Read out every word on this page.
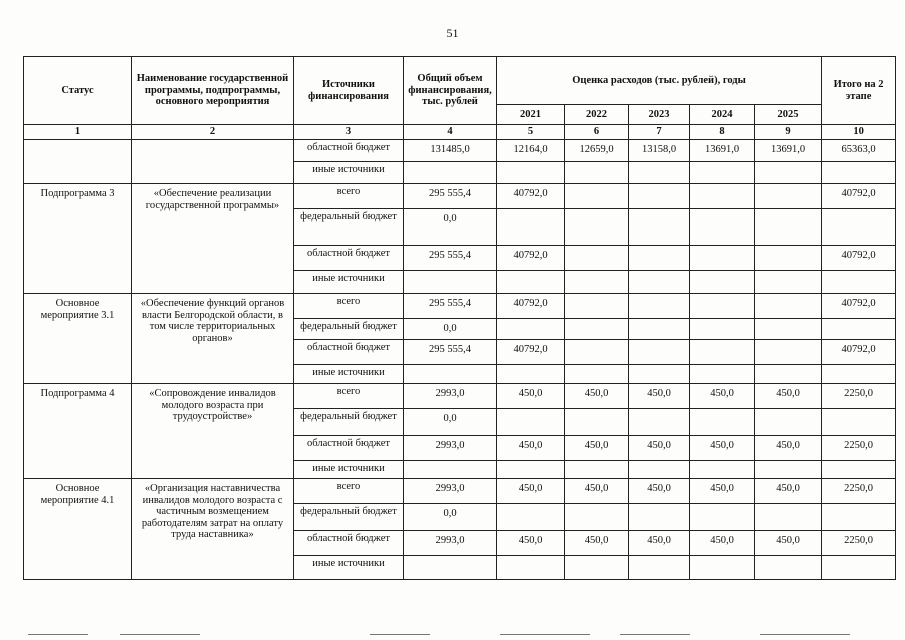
51
Статус	Наименование государственной программы, подпрограммы, основного мероприятия	Источники финансирования	Общий объем финансирования, тыс. рублей	Оценка расходов (тыс. рублей), годы					Итого на 2 этапе
				2021	2022	2023	2024	2025	
1	2	3	4	5	6	7	8	9	10
		областной бюджет	131485,0	12164,0	12659,0	13158,0	13691,0	13691,0	65363,0
		иные источники							
Подпрограмма 3	«Обеспечение реализации государственной программы»	всего	295 555,4	40792,0					40792,0
		федеральный бюджет	0,0						
		областной бюджет	295 555,4	40792,0					40792,0
		иные источники							
Основное мероприятие 3.1	«Обеспечение функций органов власти Белгородской области, в том числе территориальных органов»	всего	295 555,4	40792,0					40792,0
		федеральный бюджет	0,0						
		областной бюджет	295 555,4	40792,0					40792,0
		иные источники							
Подпрограмма 4	«Сопровождение инвалидов молодого возраста при трудоустройстве»	всего	2993,0	450,0	450,0	450,0	450,0	450,0	2250,0
		федеральный бюджет	0,0						
		областной бюджет	2993,0	450,0	450,0	450,0	450,0	450,0	2250,0
		иные источники							
Основное мероприятие 4.1	«Организация наставничества инвалидов молодого возраста с частичным возмещением работодателям затрат на оплату труда наставника»	всего	2993,0	450,0	450,0	450,0	450,0	450,0	2250,0
		федеральный бюджет	0,0						
		областной бюджет	2993,0	450,0	450,0	450,0	450,0	450,0	2250,0
		иные источники							
